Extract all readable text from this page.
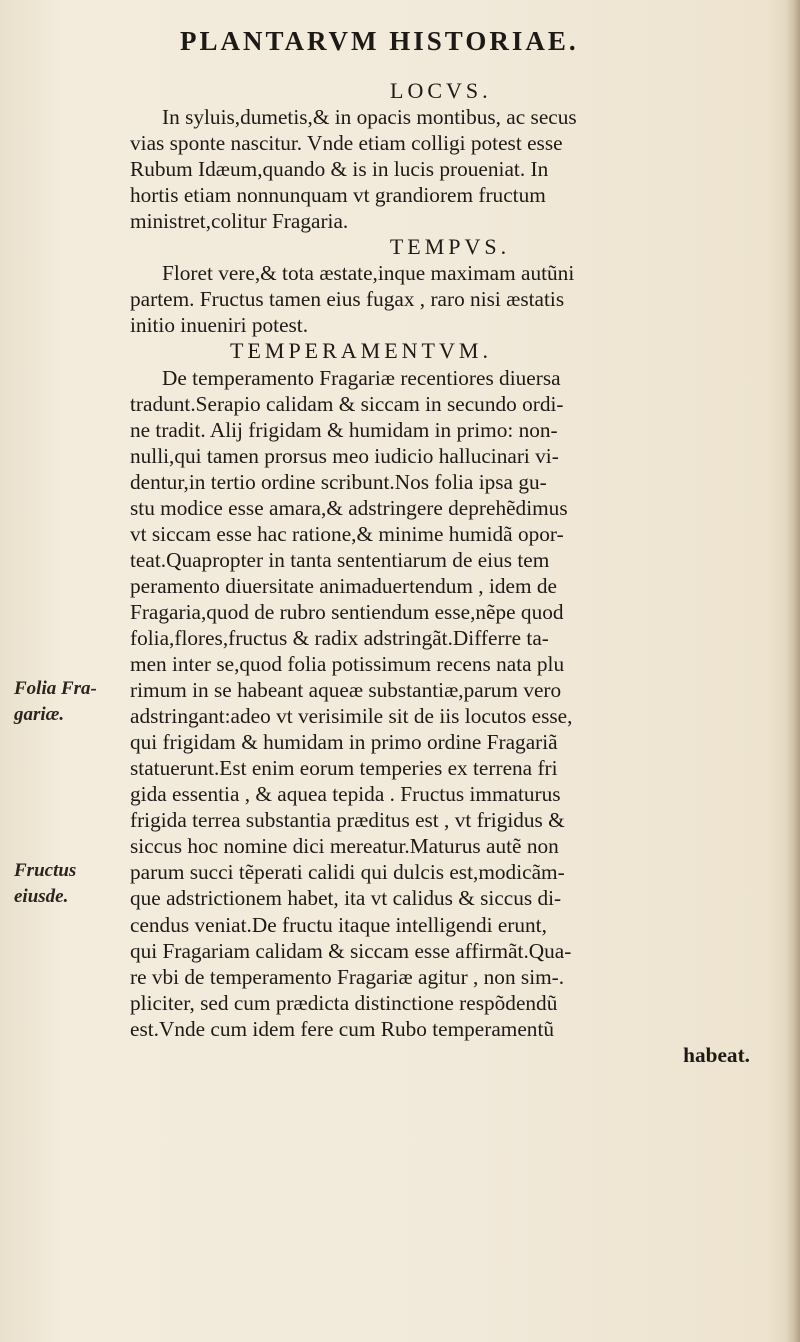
PLANTARVM HISTORIAE.
LOCVS.
In syluis,dumetis,& in opacis montibus, ac secus
vias sponte nascitur. Vnde etiam colligi potest esse
Rubum Idæum,quando & is in lucis proueniat. In
hortis etiam nonnunquam vt grandiorem fructum
ministret,colitur Fragaria.
TEMPVS.
Floret vere,& tota æstate,inque maximam autũni
partem. Fructus tamen eius fugax , raro nisi æstatis
initio inueniri potest.
TEMPERAMENTVM.
De temperamento Fragariæ recentiores diuersa
tradunt.Serapio calidam & siccam in secundo ordi-
ne tradit. Alij frigidam & humidam in primo: non-
nulli,qui tamen prorsus meo iudicio hallucinari vi-
dentur,in tertio ordine scribunt.Nos folia ipsa gu-
stu modice esse amara,& adstringere deprehẽdimus
vt siccam esse hac ratione,& minime humidã opor-
teat.Quapropter in tanta sententiarum de eius tem
peramento diuersitate animaduertendum , idem de
Fragaria,quod de rubro sentiendum esse,nẽpe quod
folia,flores,fructus & radix adstringãt.Differre ta-
men inter se,quod folia potissimum recens nata plu
rimum in se habeant aqueæ substantiæ,parum vero
adstringant:adeo vt verisimile sit de iis locutos esse,
qui frigidam & humidam in primo ordine Fragariã
statuerunt.Est enim eorum temperies ex terrena fri
gida essentia , & aquea tepida . Fructus immaturus
frigida terrea substantia præditus est , vt frigidus &
siccus hoc nomine dici mereatur.Maturus autẽ non
parum succi tẽperati calidi qui dulcis est,modicãm-
que adstrictionem habet, ita vt calidus & siccus di-
cendus veniat.De fructu itaque intelligendi erunt,
qui Fragariam calidam & siccam esse affirmãt.Qua-
re vbi de temperamento Fragariæ agitur , non sim-.
pliciter, sed cum prædicta distinctione respõdendũ
est.Vnde cum idem fere cum Rubo temperamentũ
habeat.
Folia Fra-
gariæ.
Fructus
eiusde.
